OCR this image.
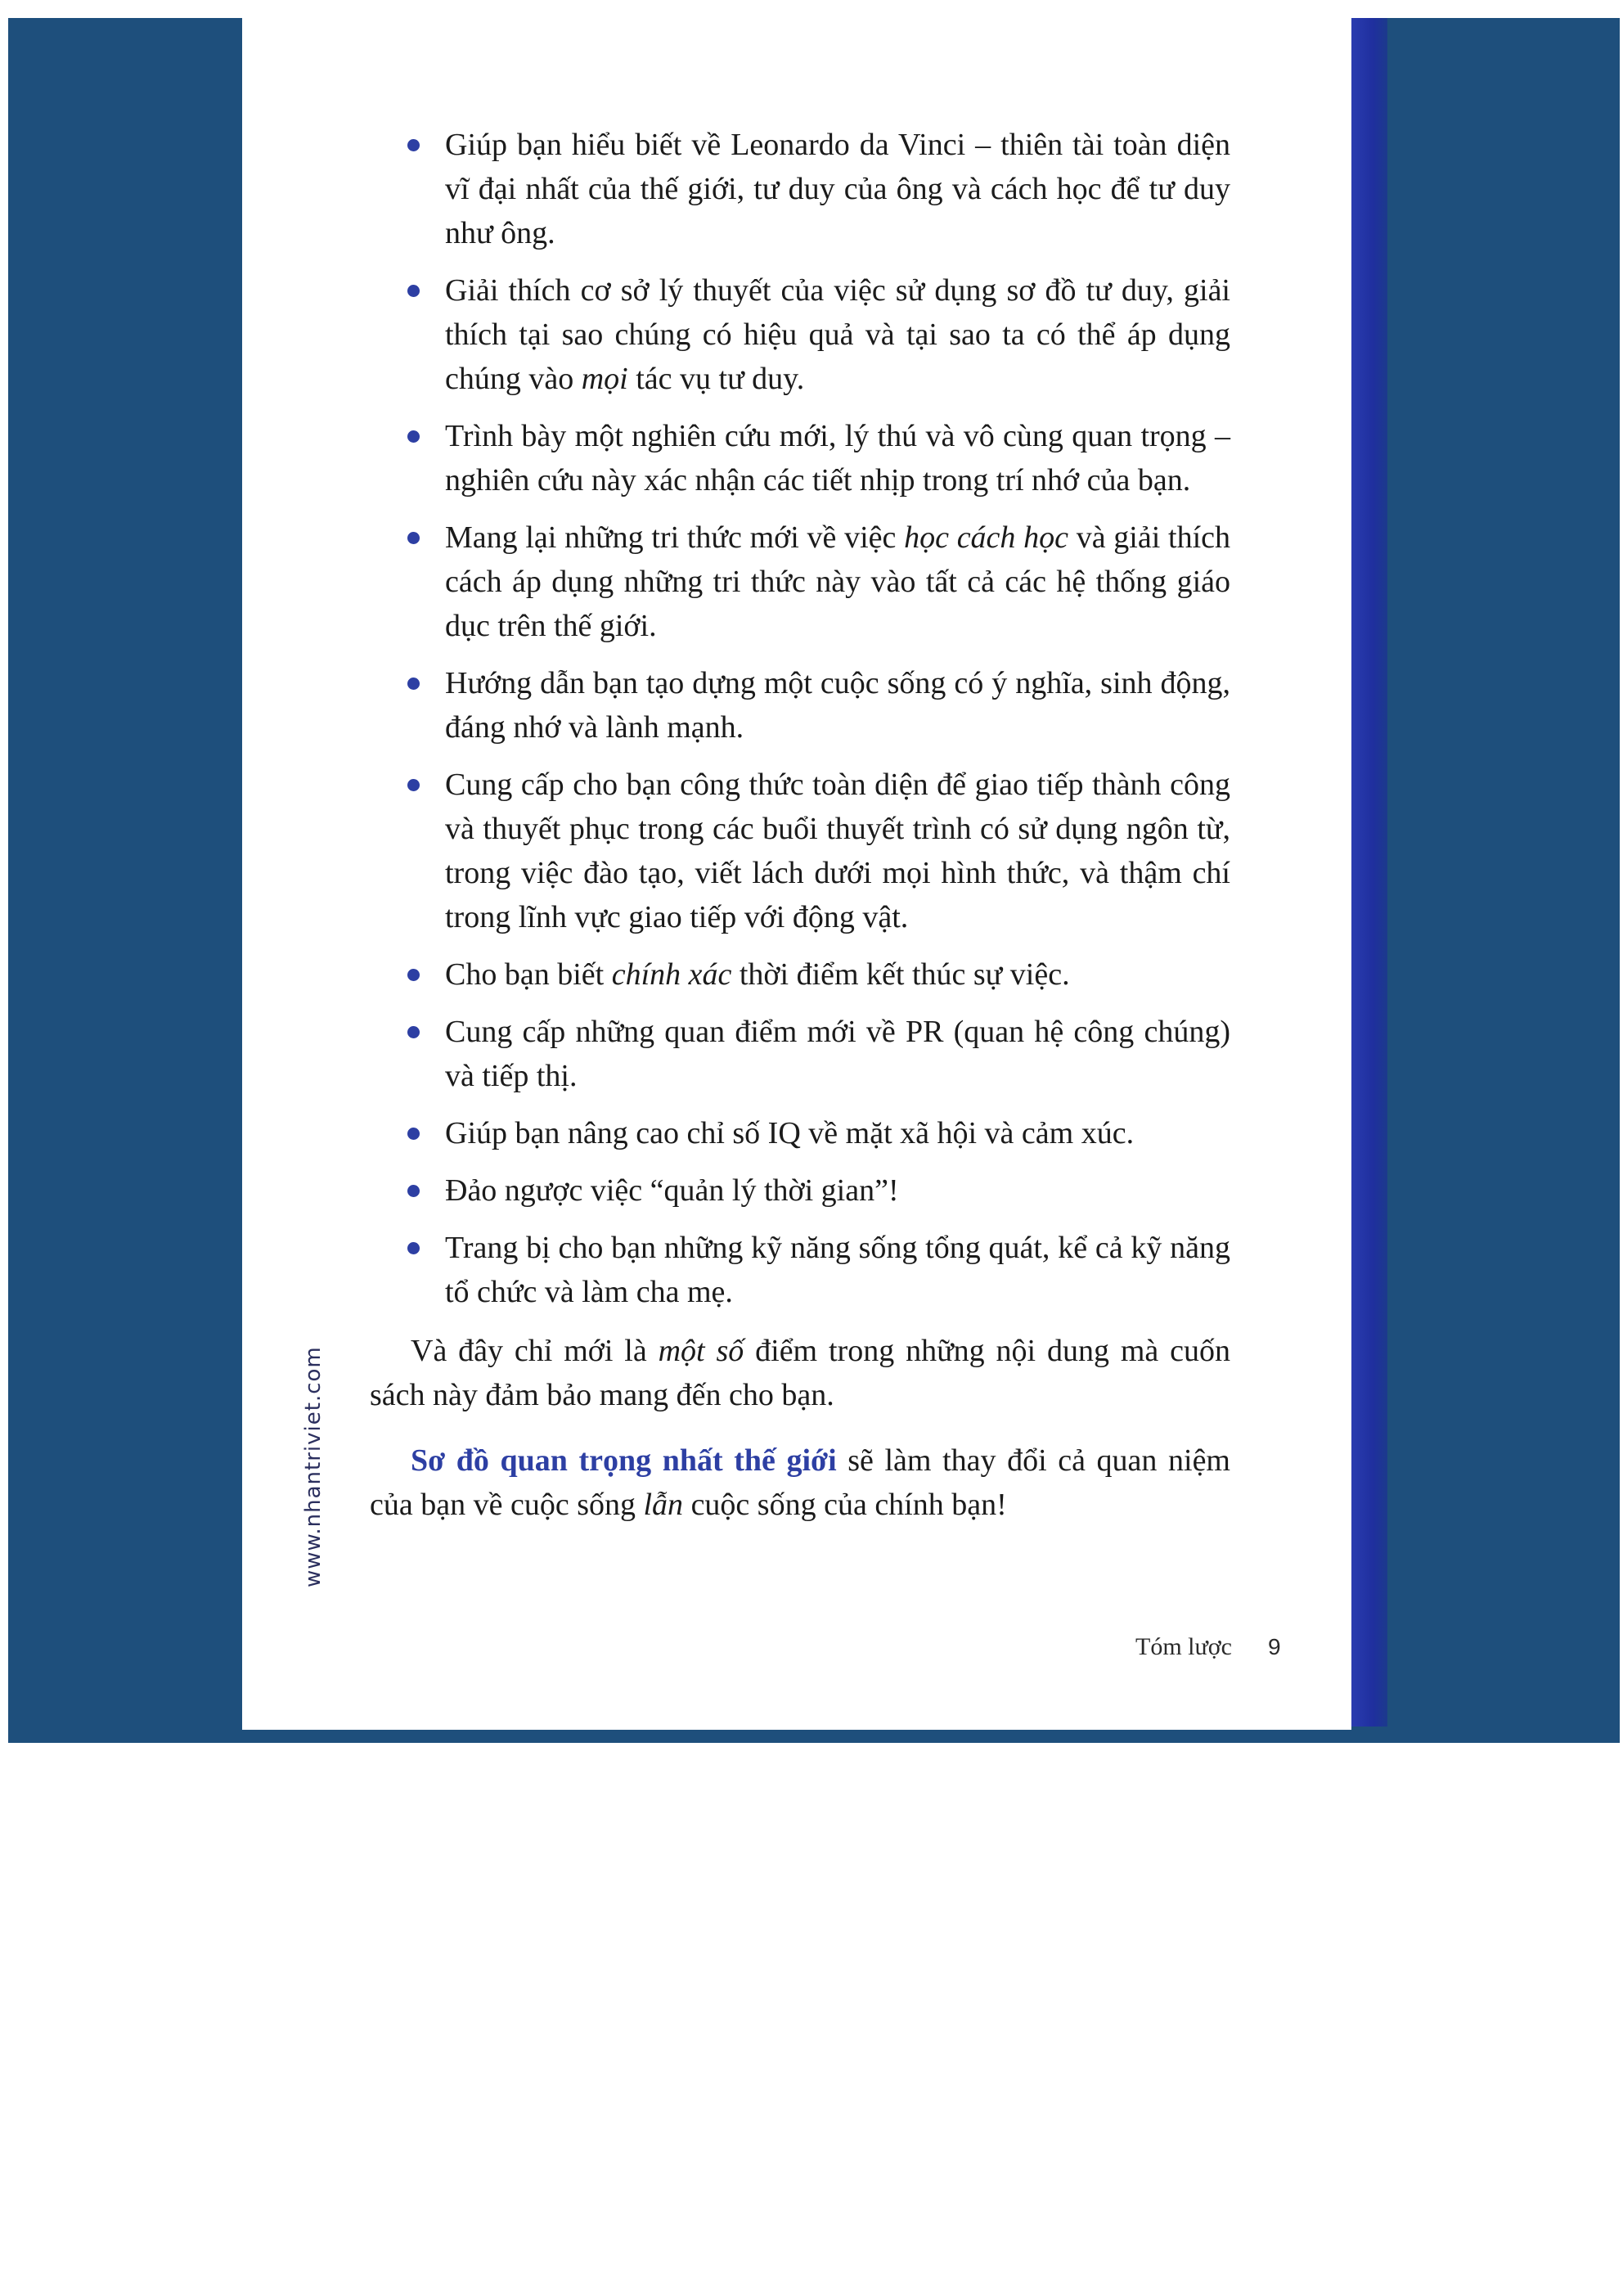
www.nhantriviet.com
Giúp bạn hiểu biết về Leonardo da Vinci – thiên tài toàn diện vĩ đại nhất của thế giới, tư duy của ông và cách học để tư duy như ông.
Giải thích cơ sở lý thuyết của việc sử dụng sơ đồ tư duy, giải thích tại sao chúng có hiệu quả và tại sao ta có thể áp dụng chúng vào mọi tác vụ tư duy.
Trình bày một nghiên cứu mới, lý thú và vô cùng quan trọng – nghiên cứu này xác nhận các tiết nhịp trong trí nhớ của bạn.
Mang lại những tri thức mới về việc học cách học và giải thích cách áp dụng những tri thức này vào tất cả các hệ thống giáo dục trên thế giới.
Hướng dẫn bạn tạo dựng một cuộc sống có ý nghĩa, sinh động, đáng nhớ và lành mạnh.
Cung cấp cho bạn công thức toàn diện để giao tiếp thành công và thuyết phục trong các buổi thuyết trình có sử dụng ngôn từ, trong việc đào tạo, viết lách dưới mọi hình thức, và thậm chí trong lĩnh vực giao tiếp với động vật.
Cho bạn biết chính xác thời điểm kết thúc sự việc.
Cung cấp những quan điểm mới về PR (quan hệ công chúng) và tiếp thị.
Giúp bạn nâng cao chỉ số IQ về mặt xã hội và cảm xúc.
Đảo ngược việc “quản lý thời gian”!
Trang bị cho bạn những kỹ năng sống tổng quát, kể cả kỹ năng tổ chức và làm cha mẹ.

Và đây chỉ mới là một số điểm trong những nội dung mà cuốn sách này đảm bảo mang đến cho bạn.

Sơ đồ quan trọng nhất thế giới sẽ làm thay đổi cả quan niệm của bạn về cuộc sống lẫn cuộc sống của chính bạn!

Tóm lược 9
